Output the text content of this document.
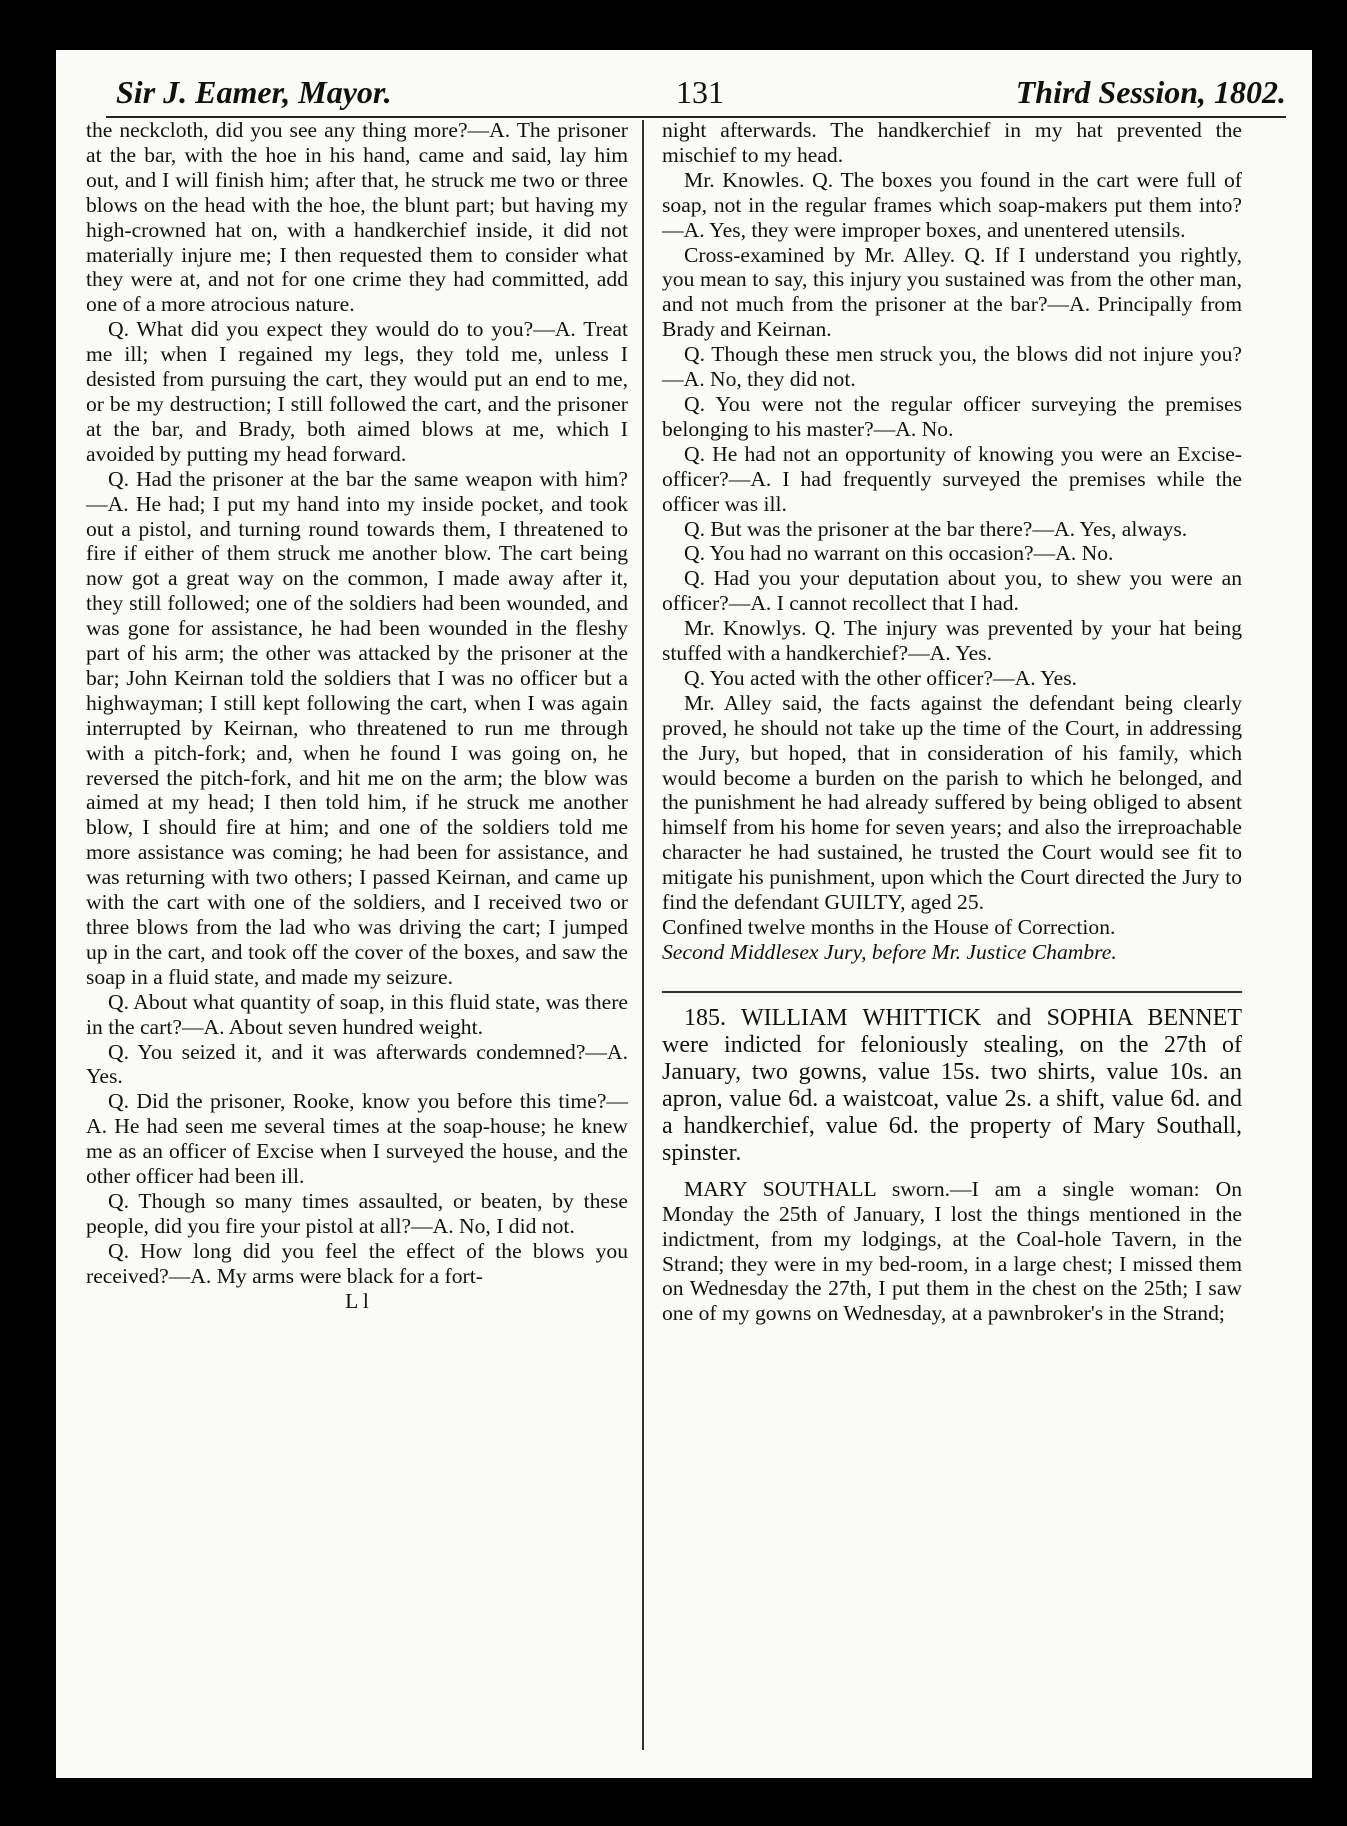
Sir J. Eamer, Mayor.	131	Third Session, 1802.

the neckcloth, did you see any thing more?—A. The prisoner at the bar, with the hoe in his hand, came and said, lay him out, and I will finish him; after that, he struck me two or three blows on the head with the hoe, the blunt part; but having my high-crowned hat on, with a handkerchief inside, it did not materially injure me; I then requested them to consider what they were at, and not for one crime they had committed, add one of a more atrocious nature.

Q. What did you expect they would do to you?—A. Treat me ill; when I regained my legs, they told me, unless I desisted from pursuing the cart, they would put an end to me, or be my destruction; I still followed the cart, and the prisoner at the bar, and Brady, both aimed blows at me, which I avoided by putting my head forward.

Q. Had the prisoner at the bar the same weapon with him?—A. He had; I put my hand into my inside pocket, and took out a pistol, and turning round towards them, I threatened to fire if either of them struck me another blow. The cart being now got a great way on the common, I made away after it, they still followed; one of the soldiers had been wounded, and was gone for assistance, he had been wounded in the fleshy part of his arm; the other was attacked by the prisoner at the bar; John Keirnan told the soldiers that I was no officer but a highwayman; I still kept following the cart, when I was again interrupted by Keirnan, who threatened to run me through with a pitch-fork; and, when he found I was going on, he reversed the pitch-fork, and hit me on the arm; the blow was aimed at my head; I then told him, if he struck me another blow, I should fire at him; and one of the soldiers told me more assistance was coming; he had been for assistance, and was returning with two others; I passed Keirnan, and came up with the cart with one of the soldiers, and I received two or three blows from the lad who was driving the cart; I jumped up in the cart, and took off the cover of the boxes, and saw the soap in a fluid state, and made my seizure.

Q. About what quantity of soap, in this fluid state, was there in the cart?—A. About seven hundred weight.

Q. You seized it, and it was afterwards condemned?—A. Yes.

Q. Did the prisoner, Rooke, know you before this time?—A. He had seen me several times at the soap-house; he knew me as an officer of Excise when I surveyed the house, and the other officer had been ill.

Q. Though so many times assaulted, or beaten, by these people, did you fire your pistol at all?—A. No, I did not.

Q. How long did you feel the effect of the blows you received?—A. My arms were black for a fort-

L l

night afterwards. The handkerchief in my hat prevented the mischief to my head.

Mr. Knowles. Q. The boxes you found in the cart were full of soap, not in the regular frames which soap-makers put them into?—A. Yes, they were improper boxes, and unentered utensils.

Cross-examined by Mr. Alley. Q. If I understand you rightly, you mean to say, this injury you sustained was from the other man, and not much from the prisoner at the bar?—A. Principally from Brady and Keirnan.

Q. Though these men struck you, the blows did not injure you?—A. No, they did not.

Q. You were not the regular officer surveying the premises belonging to his master?—A. No.

Q. He had not an opportunity of knowing you were an Excise-officer?—A. I had frequently surveyed the premises while the officer was ill.

Q. But was the prisoner at the bar there?—A. Yes, always.

Q. You had no warrant on this occasion?—A. No.

Q. Had you your deputation about you, to shew you were an officer?—A. I cannot recollect that I had.

Mr. Knowlys. Q. The injury was prevented by your hat being stuffed with a handkerchief?—A. Yes.

Q. You acted with the other officer?—A. Yes.

Mr. Alley said, the facts against the defendant being clearly proved, he should not take up the time of the Court, in addressing the Jury, but hoped, that in consideration of his family, which would become a burden on the parish to which he belonged, and the punishment he had already suffered by being obliged to absent himself from his home for seven years; and also the irreproachable character he had sustained, he trusted the Court would see fit to mitigate his punishment, upon which the Court directed the Jury to find the defendant GUILTY, aged 25.

Confined twelve months in the House of Correction.

Second Middlesex Jury, before Mr. Justice Chambre.

185. WILLIAM WHITTICK and SOPHIA BENNET were indicted for feloniously stealing, on the 27th of January, two gowns, value 15s. two shirts, value 10s. an apron, value 6d. a waistcoat, value 2s. a shift, value 6d. and a handkerchief, value 6d. the property of Mary Southall, spinster.

MARY SOUTHALL sworn.—I am a single woman: On Monday the 25th of January, I lost the things mentioned in the indictment, from my lodgings, at the Coal-hole Tavern, in the Strand; they were in my bed-room, in a large chest; I missed them on Wednesday the 27th, I put them in the chest on the 25th; I saw one of my gowns on Wednesday, at a pawnbroker's in the Strand;
